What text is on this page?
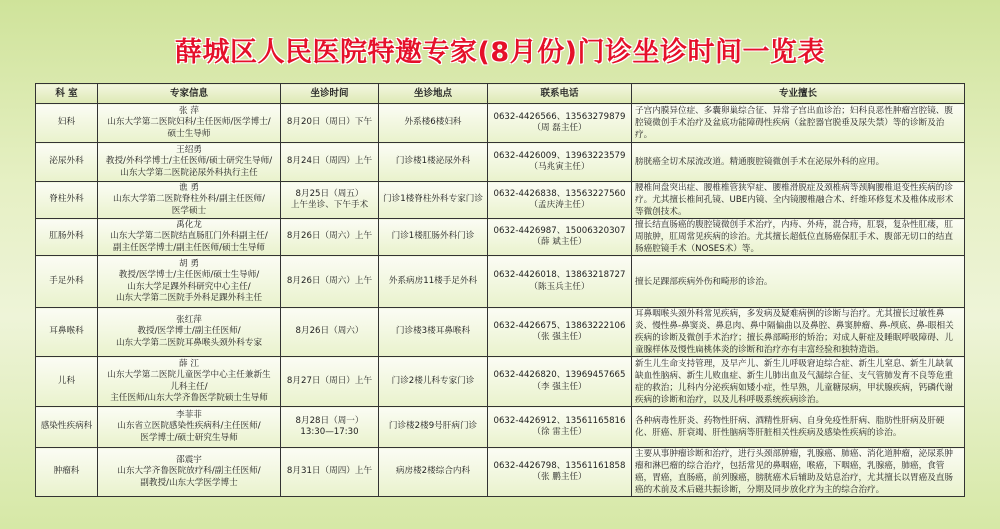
薛城区人民医院特邀专家(8月份)门诊坐诊时间一览表
科 室	专家信息	坐诊时间	坐诊地点	联系电话	专业擅长
妇科	张 萍
山东大学第二医院妇科/主任医师/医学博士/
硕士生导师	8月20日（周日）下午	外系楼6楼妇科	0632-4426566、13563279879
（周 磊主任）	子宫内膜异位症、多囊卵巢综合征、异常子宫出血诊治；妇科良恶性肿瘤宫腔镜、腹腔镜微创手术治疗及盆底功能障碍性疾病（盆腔器官脱垂及尿失禁）等的诊断及治疗。
泌尿外科	王绍勇
教授/外科学博士/主任医师/硕士研究生导师/
山东大学第二医院泌尿外科执行主任	8月24日（周四）上午	门诊楼1楼泌尿外科	0632-4426009、13963223579
（马兆寅主任）	膀胱癌全切术尿流改道。精通腹腔镜微创手术在泌尿外科的应用。
脊柱外科	谯 勇
山东大学第二医院脊柱外科/副主任医师/
医学硕士	8月25日（周五）
上午坐诊、下午手术	门诊1楼脊柱外科专家门诊	0632-4426838、13563227560
（孟庆涛主任）	腰椎间盘突出症、腰椎椎管狭窄症、腰椎滑脱症及颈椎病等颈胸腰椎退变性疾病的诊疗。尤其擅长椎间孔镜、UBE内镜、全内镜腰椎融合术、纤维环修复术及椎体成形术等微创技术。
肛肠外科	禹化龙
山东大学第二医院结直肠肛门外科副主任/
副主任医学博士/副主任医师/硕士生导师	8月26日（周六）上午	门诊1楼肛肠外科门诊	0632-4426987、15006320307
（薛 斌主任）	擅长结直肠癌的腹腔镜微创手术治疗，内痔、外痔，混合痔，肛裂，复杂性肛瘘，肛周脓肿，肛周常见疾病的诊治。尤其擅长超低位直肠癌保肛手术、腹部无切口的结直肠癌腔镜手术（NOSES术）等。
手足外科	胡 勇
教授/医学博士/主任医师/硕士生导师/
山东大学足踝外科研究中心主任/
山东大学第二医院手外科足踝外科主任	8月26日（周六）上午	外系病房11楼手足外科	0632-4426018、13863218727
（陈玉兵主任）	擅长足踝部疾病外伤和畸形的诊治。
耳鼻喉科	张红萍
教授/医学博士/副主任医师/
山东大学第二医院耳鼻喉头颈外科专家	8月26日（周六）	门诊楼3楼耳鼻喉科	0632-4426675、13863222106
（张 强主任）	耳鼻咽喉头颈外科常见疾病，多发病及疑难病例的诊断与治疗。尤其擅长过敏性鼻炎、慢性鼻-鼻窦炎、鼻息肉、鼻中隔偏曲以及鼻腔、鼻窦肿瘤、鼻-颅底、鼻-眼相关疾病的诊断及微创手术治疗；擅长鼻部畸形的矫治；对成人鼾症及睡眠呼吸障碍、儿童腺样体及慢性扁桃体炎的诊断和治疗亦有丰富经验和独特造诣。
儿科	薛 江
山东大学第二医院儿童医学中心主任兼新生
儿科主任/
主任医师/山东大学齐鲁医学院硕士生导师	8月27日（周日）上午	门诊2楼儿科专家门诊	0632-4426820、13969457665
（李 强主任）	新生儿生命支持管理，及早产儿、新生儿呼吸窘迫综合症、新生儿窒息、新生儿缺氧缺血性脑病、新生儿败血症、新生儿肺出血及气漏综合征、支气管肺发育不良等危重症的救治；儿科内分泌疾病如矮小症，性早熟，儿童糖尿病，甲状腺疾病，钙磷代谢疾病的诊断和治疗，以及儿科呼吸系统疾病诊治。
感染性疾病科	李菲菲
山东省立医院感染性疾病科/主任医师/
医学博士/硕士研究生导师	8月28日（周一）
13:30—17:30	门诊楼2楼9号肝病门诊	0632-4426912、13561165816
（徐 雷主任）	各种病毒性肝炎、药物性肝病、酒精性肝病、自身免疫性肝病、脂肪性肝病及肝硬化、肝癌、肝衰竭、肝性脑病等肝脏相关性疾病及感染性疾病的诊治。
肿瘤科	邵震宇
山东大学齐鲁医院放疗科/副主任医师/
副教授/山东大学医学博士	8月31日（周四）上午	病房楼2楼综合内科	0632-4426798、13561161858
（张 鹏主任）	主要从事肿瘤诊断和治疗，进行头颈部肿瘤，乳腺癌、肺癌、消化道肿瘤，泌尿系肿瘤和淋巴瘤的综合治疗，包括常见的鼻咽癌，喉癌，下咽癌，乳腺癌，肺癌，食管癌，胃癌，直肠癌，前列腺癌，膀胱癌术后辅助及姑息治疗，尤其擅长以胃癌及直肠癌的术前及术后磁共振诊断，分期及同步放化疗为主的综合治疗。
